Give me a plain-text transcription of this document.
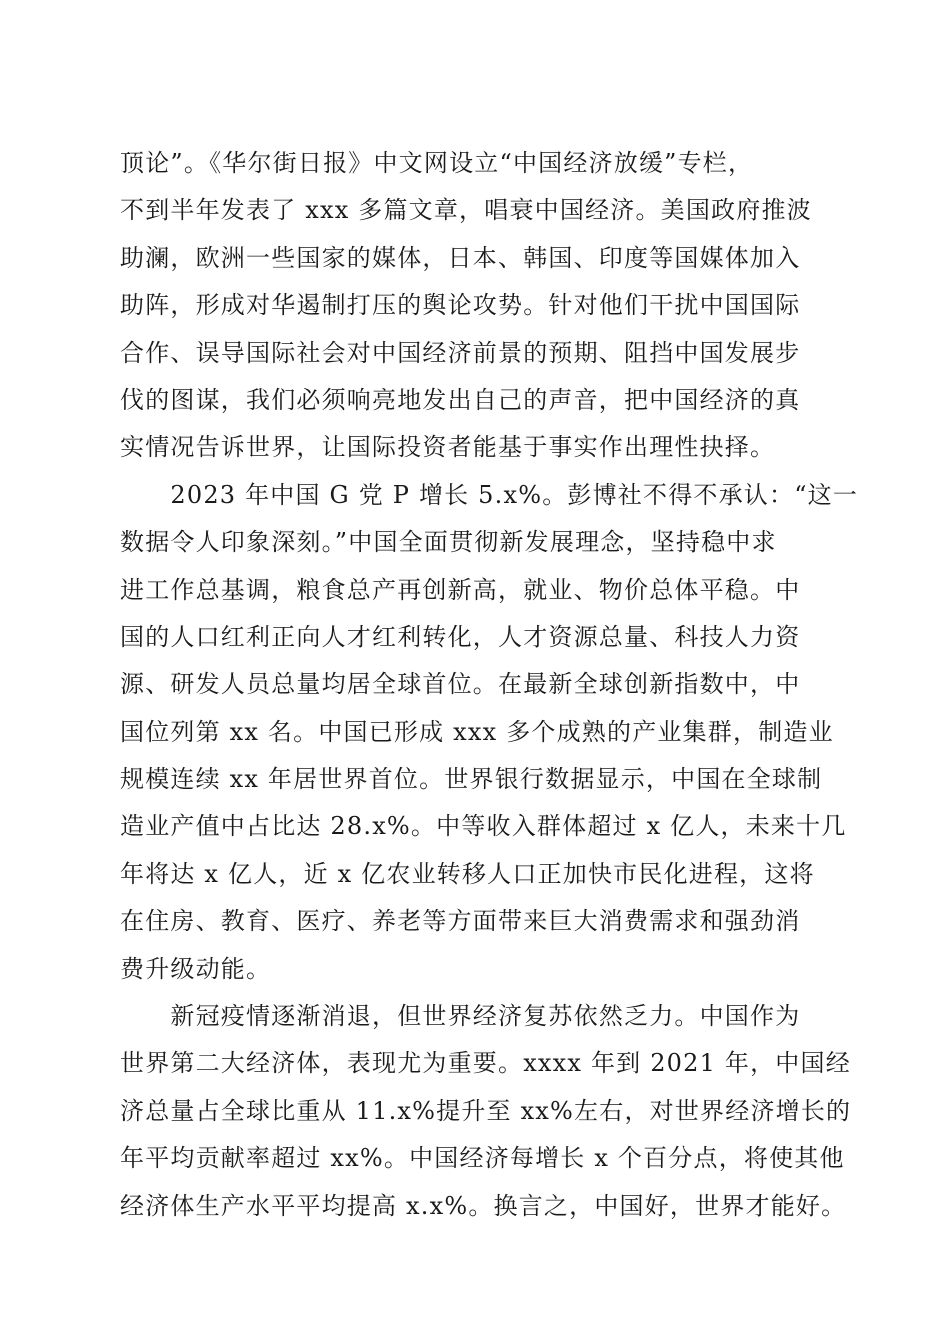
顶论”。《华尔街日报》中文网设立“中国经济放缓”专栏，
不到半年发表了 xxx 多篇文章，唱衰中国经济。美国政府推波
助澜，欧洲一些国家的媒体，日本、韩国、印度等国媒体加入
助阵，形成对华遏制打压的舆论攻势。针对他们干扰中国国际
合作、误导国际社会对中国经济前景的预期、阻挡中国发展步
伐的图谋，我们必须响亮地发出自己的声音，把中国经济的真
实情况告诉世界，让国际投资者能基于事实作出理性抉择。
　　2023 年中国 G 党 P 增长 5.x%。彭博社不得不承认：“这一
数据令人印象深刻。”中国全面贯彻新发展理念，坚持稳中求
进工作总基调，粮食总产再创新高，就业、物价总体平稳。中
国的人口红利正向人才红利转化，人才资源总量、科技人力资
源、研发人员总量均居全球首位。在最新全球创新指数中，中
国位列第 xx 名。中国已形成 xxx 多个成熟的产业集群，制造业
规模连续 xx 年居世界首位。世界银行数据显示，中国在全球制
造业产值中占比达 28.x%。中等收入群体超过 x 亿人，未来十几
年将达 x 亿人，近 x 亿农业转移人口正加快市民化进程，这将
在住房、教育、医疗、养老等方面带来巨大消费需求和强劲消
费升级动能。
　　新冠疫情逐渐消退，但世界经济复苏依然乏力。中国作为
世界第二大经济体，表现尤为重要。xxxx 年到 2021 年，中国经
济总量占全球比重从 11.x%提升至 xx%左右，对世界经济增长的
年平均贡献率超过 xx%。中国经济每增长 x 个百分点，将使其他
经济体生产水平平均提高 x.x%。换言之，中国好，世界才能好。
